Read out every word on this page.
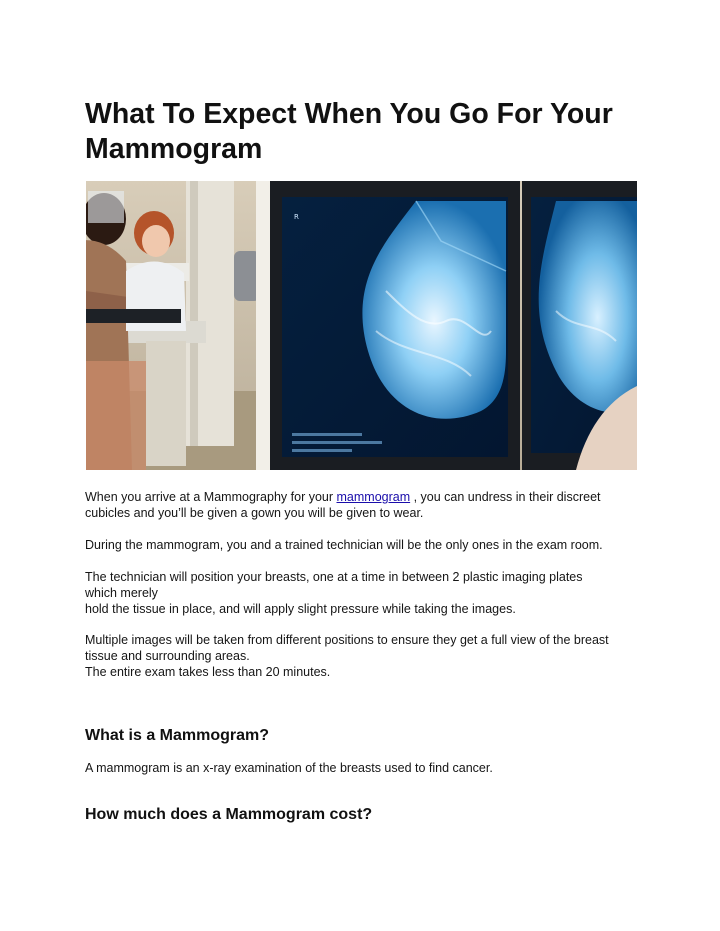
What To Expect When You Go For Your
Mammogram
R

When you arrive at a Mammography for your mammogram , you can undress in their discreet
cubicles and you’ll be given a gown you will be given to wear.

During the mammogram, you and a trained technician will be the only ones in the exam room.

The technician will position your breasts, one at a time in between 2 plastic imaging plates
which merely
hold the tissue in place, and will apply slight pressure while taking the images.

Multiple images will be taken from different positions to ensure they get a full view of the breast
tissue and surrounding areas.
The entire exam takes less than 20 minutes.

What is a Mammogram?

A mammogram is an x-ray examination of the breasts used to find cancer.

How much does a Mammogram cost?
